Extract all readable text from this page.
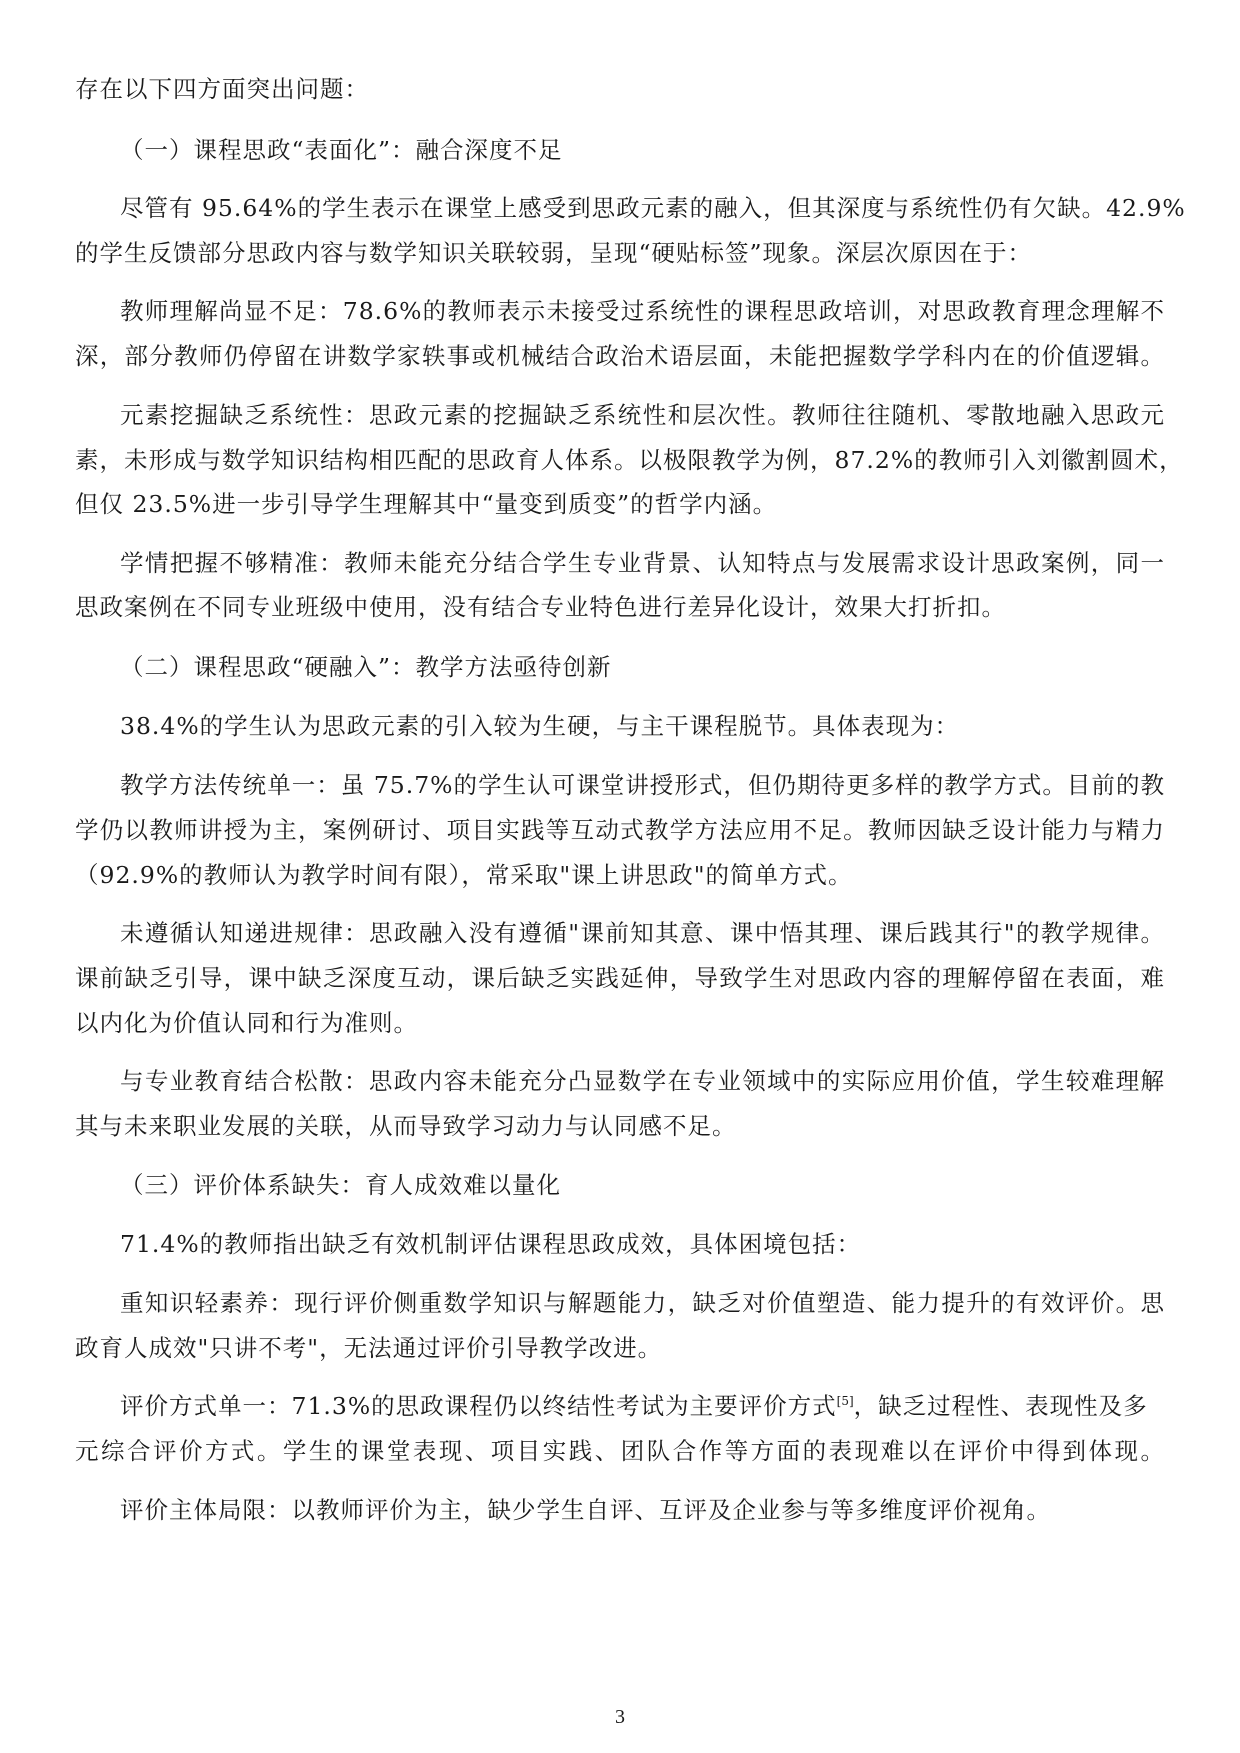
存在以下四方面突出问题：

（一）课程思政“表面化”：融合深度不足

尽管有 95.64%的学生表示在课堂上感受到思政元素的融入，但其深度与系统性仍有欠缺。42.9%

的学生反馈部分思政内容与数学知识关联较弱，呈现“硬贴标签”现象。深层次原因在于：

教师理解尚显不足：78.6%的教师表示未接受过系统性的课程思政培训，对思政教育理念理解不

深，部分教师仍停留在讲数学家轶事或机械结合政治术语层面，未能把握数学学科内在的价值逻辑。

元素挖掘缺乏系统性：思政元素的挖掘缺乏系统性和层次性。教师往往随机、零散地融入思政元

素，未形成与数学知识结构相匹配的思政育人体系。以极限教学为例，87.2%的教师引入刘徽割圆术，

但仅 23.5%进一步引导学生理解其中“量变到质变”的哲学内涵。

学情把握不够精准：教师未能充分结合学生专业背景、认知特点与发展需求设计思政案例，同一

思政案例在不同专业班级中使用，没有结合专业特色进行差异化设计，效果大打折扣。

（二）课程思政“硬融入”：教学方法亟待创新

38.4%的学生认为思政元素的引入较为生硬，与主干课程脱节。具体表现为：

教学方法传统单一：虽 75.7%的学生认可课堂讲授形式，但仍期待更多样的教学方式。目前的教

学仍以教师讲授为主，案例研讨、项目实践等互动式教学方法应用不足。教师因缺乏设计能力与精力

（92.9%的教师认为教学时间有限），常采取"课上讲思政"的简单方式。

未遵循认知递进规律：思政融入没有遵循"课前知其意、课中悟其理、课后践其行"的教学规律。

课前缺乏引导，课中缺乏深度互动，课后缺乏实践延伸，导致学生对思政内容的理解停留在表面，难

以内化为价值认同和行为准则。

与专业教育结合松散：思政内容未能充分凸显数学在专业领域中的实际应用价值，学生较难理解

其与未来职业发展的关联，从而导致学习动力与认同感不足。

（三）评价体系缺失：育人成效难以量化

71.4%的教师指出缺乏有效机制评估课程思政成效，具体困境包括：

重知识轻素养：现行评价侧重数学知识与解题能力，缺乏对价值塑造、能力提升的有效评价。思

政育人成效"只讲不考"，无法通过评价引导教学改进。

评价方式单一：71.3%的思政课程仍以终结性考试为主要评价方式[5]，缺乏过程性、表现性及多

元综合评价方式。学生的课堂表现、项目实践、团队合作等方面的表现难以在评价中得到体现。

评价主体局限：以教师评价为主，缺少学生自评、互评及企业参与等多维度评价视角。

3
